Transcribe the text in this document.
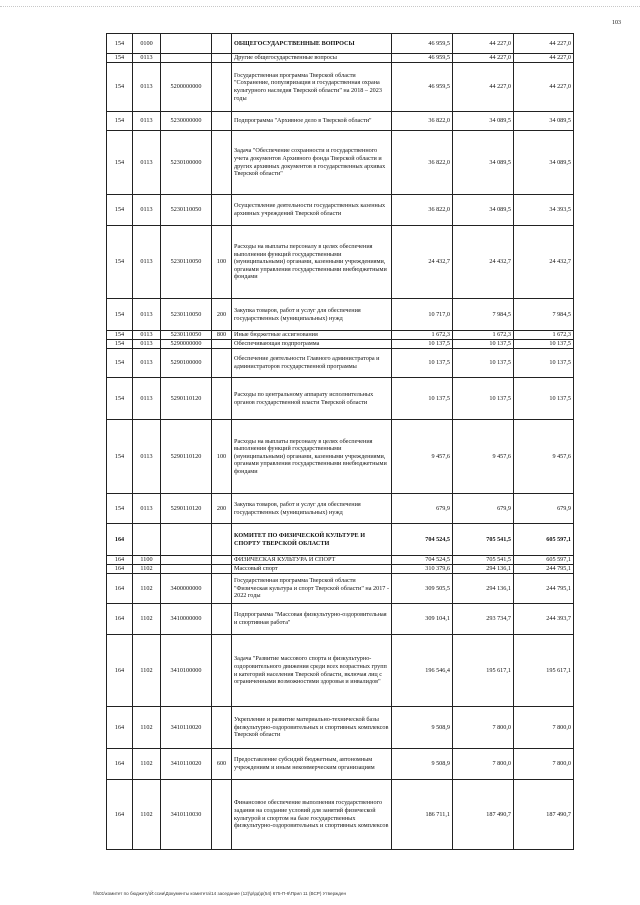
103
154	0100			ОБЩЕГОСУДАРСТВЕННЫЕ ВОПРОСЫ	46 959,5	44 227,0	44 227,0
154	0113			Другие общегосударственные вопросы	46 959,5	44 227,0	44 227,0
154	0113	5200000000		Государственная программа Тверской области "Сохранение, популяризация и государственная охрана культурного наследия Тверской области" на 2018 – 2023 годы	46 959,5	44 227,0	44 227,0
154	0113	5230000000		Подпрограмма "Архивное дело в Тверской области"	36 822,0	34 089,5	34 089,5
154	0113	5230100000		Задача "Обеспечение сохранности и государственного учета документов Архивного фонда Тверской области и других архивных документов в государственных архивах Тверской области"	36 822,0	34 089,5	34 089,5
154	0113	5230110050		Осуществление деятельности государственных казенных архивных учреждений Тверской области	36 822,0	34 089,5	34 393,5
154	0113	5230110050	100	Расходы на выплаты персоналу в целях обеспечения выполнения функций государственными (муниципальными) органами, казенными учреждениями, органами управления государственными внебюджетными фондами	24 432,7	24 432,7	24 432,7
154	0113	5230110050	200	Закупка товаров, работ и услуг для обеспечения государственных (муниципальных) нужд	10 717,0	7 984,5	7 984,5
154	0113	5230110050	800	Иные бюджетные ассигнования	1 672,3	1 672,3	1 672,3
154	0113	5290000000		Обеспечивающая подпрограмма	10 137,5	10 137,5	10 137,5
154	0113	5290100000		Обеспечение деятельности Главного администратора и администраторов государственной программы	10 137,5	10 137,5	10 137,5
154	0113	5290110120		Расходы по центральному аппарату исполнительных органов государственной власти Тверской области	10 137,5	10 137,5	10 137,5
154	0113	5290110120	100	Расходы на выплаты персоналу в целях обеспечения выполнения функций государственными (муниципальными) органами, казенными учреждениями, органами управления государственными внебюджетными фондами	9 457,6	9 457,6	9 457,6
154	0113	5290110120	200	Закупка товаров, работ и услуг для обеспечения государственных (муниципальных) нужд	679,9	679,9	679,9
164				КОМИТЕТ ПО ФИЗИЧЕСКОЙ КУЛЬТУРЕ И СПОРТУ ТВЕРСКОЙ ОБЛАСТИ	704 524,5	705 541,5	605 597,1
164	1100			ФИЗИЧЕСКАЯ КУЛЬТУРА И СПОРТ	704 524,5	705 541,5	605 597,1
164	1102			Массовый спорт	310 379,6	294 136,1	244 795,1
164	1102	3400000000		Государственная программа Тверской области "Физическая культура и спорт Тверской области" на 2017 - 2022 годы	309 505,5	294 136,1	244 795,1
164	1102	3410000000		Подпрограмма "Массовая физкультурно-оздоровительная и спортивная работа"	309 104,1	293 734,7	244 393,7
164	1102	3410100000		Задача "Развитие массового спорта и физкультурно-оздоровительного движения среди всех возрастных групп и категорий населения Тверской области, включая лиц с ограниченными возможностями здоровья и инвалидов"	196 546,4	195 617,1	195 617,1
164	1102	3410110020		Укрепление и развитие материально-технической базы физкультурно-оздоровительных и спортивных комплексов Тверской области	9 508,9	7 800,0	7 800,0
164	1102	3410110020	600	Предоставление субсидий бюджетным, автономным учреждениям и иным некоммерческим организациям	9 508,9	7 800,0	7 800,0
164	1102	3410110030		Финансовое обеспечение выполнения государственного задания на создание условий для занятий физической культурой и спортом на базе государственных физкультурно-оздоровительных и спортивных комплексов	186 711,1	187 490,7	187 490,7
\\fs01\комитет по бюджету\Й:ссии\Документы комитета\14 заседание (12)\р\рд\р(54) 675-П-6\Прил 11 (ВСР) Утвержден
